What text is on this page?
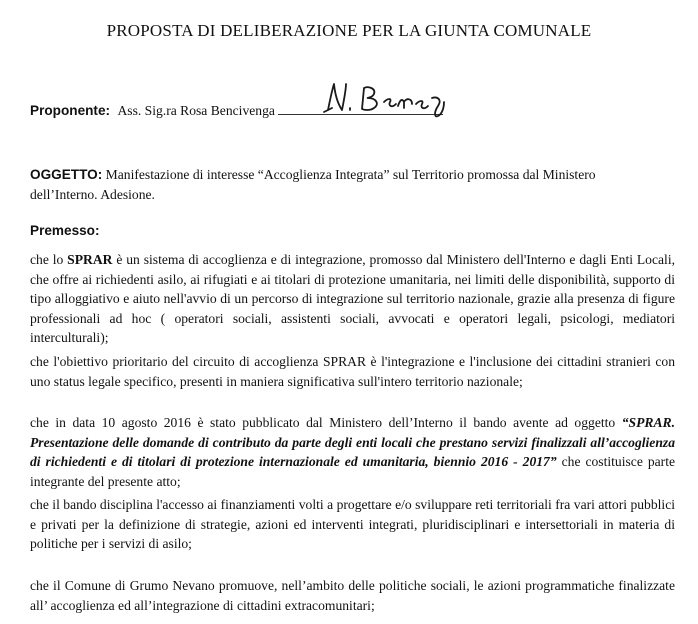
PROPOSTA DI DELIBERAZIONE PER LA GIUNTA COMUNALE
Proponente: Ass. Sig.ra Rosa Bencivenga
OGGETTO: Manifestazione di interesse “Accoglienza Integrata” sul Territorio promossa dal Ministero
dell’Interno. Adesione.
Premesso:
che lo SPRAR è un sistema di accoglienza e di integrazione, promosso dal Ministero dell'Interno e dagli Enti Locali, che offre ai richiedenti asilo, ai rifugiati e ai titolari di protezione umanitaria, nei limiti delle disponibilità, supporto di tipo alloggiativo e aiuto nell'avvio di un percorso di integrazione sul territorio nazionale, grazie alla presenza di figure professionali ad hoc ( operatori sociali, assistenti sociali, avvocati e operatori legali, psicologi, mediatori interculturali);
che l'obiettivo prioritario del circuito di accoglienza SPRAR è l'integrazione e l'inclusione dei cittadini stranieri con uno status legale specifico, presenti in maniera significativa sull'intero territorio nazionale;
che in data 10 agosto 2016 è stato pubblicato dal Ministero dell’Interno il bando avente ad oggetto “SPRAR. Presentazione delle domande di contributo da parte degli enti locali che prestano servizi finalizzali all’accoglienza di richiedenti e di titolari di protezione internazionale ed umanitaria, biennio 2016 - 2017” che costituisce parte integrante del presente atto;
che il bando disciplina l'accesso ai finanziamenti volti a progettare e/o sviluppare reti territoriali fra vari attori pubblici e privati per la definizione di strategie, azioni ed interventi integrati, pluridisciplinari e intersettoriali in materia di politiche per i servizi di asilo;
che il Comune di Grumo Nevano promuove, nell’ambito delle politiche sociali, le azioni programmatiche finalizzate all’ accoglienza ed all’integrazione di cittadini extracomunitari;
